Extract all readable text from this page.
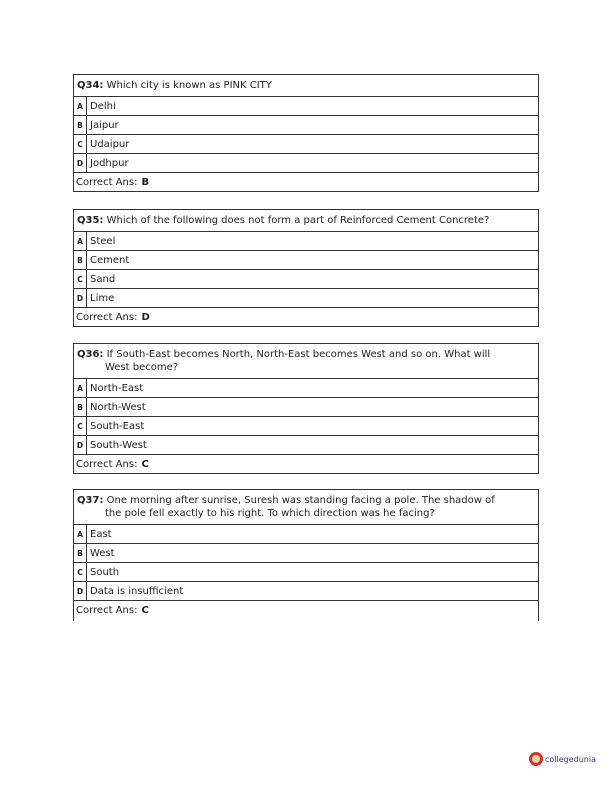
Q34: Which city is known as PINK CITY
A Delhi
B Jaipur
C Udaipur
D Jodhpur
Correct Ans: B
Q35: Which of the following does not form a part of Reinforced Cement Concrete?
A Steel
B Cement
C Sand
D Lime
Correct Ans: D
Q36: If South-East becomes North, North-East becomes West and so on. What will
West become?
A North-East
B North-West
C South-East
D South-West
Correct Ans: C
Q37: One morning after sunrise, Suresh was standing facing a pole. The shadow of
the pole fell exactly to his right. To which direction was he facing?
A East
B West
C South
D Data is insufficient
Correct Ans: C
collegedunia
